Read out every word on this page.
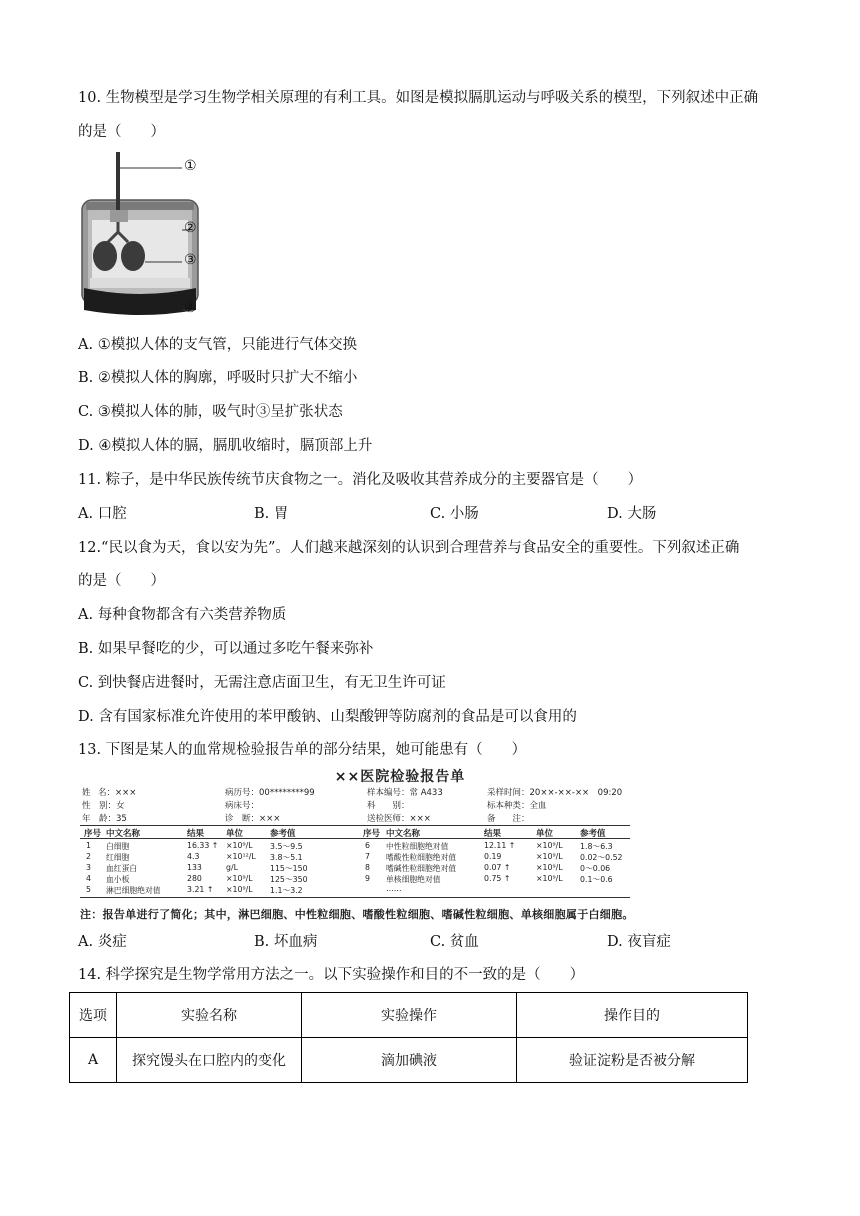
10. 生物模型是学习生物学相关原理的有利工具。如图是模拟膈肌运动与呼吸关系的模型，下列叙述中正确
的是（　　）
①
②
③
④
A. ①模拟人体的支气管，只能进行气体交换
B. ②模拟人体的胸廓，呼吸时只扩大不缩小
C. ③模拟人体的肺，吸气时③呈扩张状态
D. ④模拟人体的膈，膈肌收缩时，膈顶部上升
11. 粽子，是中华民族传统节庆食物之一。消化及吸收其营养成分的主要器官是（　　）
A. 口腔	B. 胃	C. 小肠	D. 大肠
12.“民以食为天，食以安为先”。人们越来越深刻的认识到合理营养与食品安全的重要性。下列叙述正确
的是（　　）
A. 每种食物都含有六类营养物质
B. 如果早餐吃的少，可以通过多吃午餐来弥补
C. 到快餐店进餐时，无需注意店面卫生，有无卫生许可证
D. 含有国家标准允许使用的苯甲酸钠、山梨酸钾等防腐剂的食品是可以食用的
13. 下图是某人的血常规检验报告单的部分结果，她可能患有（　　）
××医院检验报告单
姓 名：×××
性　别：女
年　龄：35
病历号：00********99
病床号：
诊　断：×××
样本编号：常 A433
科　　别：
送检医师：×××
采样时间：20××-××-××　09:20
标本种类：全血
备　　注：
序号 中文名称	结果	单位	参考值	序号 中文名称	结果	单位	参考值
1 白细胞	16.33 ↑ ×10⁹/L 3.5～9.5
2 红细胞	4.3	×10¹²/L 3.8～5.1
3 血红蛋白	133	g/L	115～150
4 血小板	280	×10⁹/L 125～350
5 淋巴细胞绝对值	3.21 ↑ ×10⁹/L 1.1～3.2
6 中性粒细胞绝对值	12.11 ↑	×10⁹/L 1.8～6.3
7 嗜酸性粒细胞绝对值	0.19	×10⁹/L 0.02～0.52
8 嗜碱性粒细胞绝对值	0.07 ↑	×10⁹/L 0～0.06
9 单核细胞绝对值	0.75 ↑	×10⁹/L 0.1～0.6
……
注：报告单进行了简化；其中，淋巴细胞、中性粒细胞、嗜酸性粒细胞、嗜碱性粒细胞、单核细胞属于白细胞。
A. 炎症	B. 坏血病	C. 贫血	D. 夜盲症
14. 科学探究是生物学常用方法之一。以下实验操作和目的不一致的是（　　）
选项	实验名称	实验操作	操作目的
A	探究馒头在口腔内的变化	滴加碘液	验证淀粉是否被分解
